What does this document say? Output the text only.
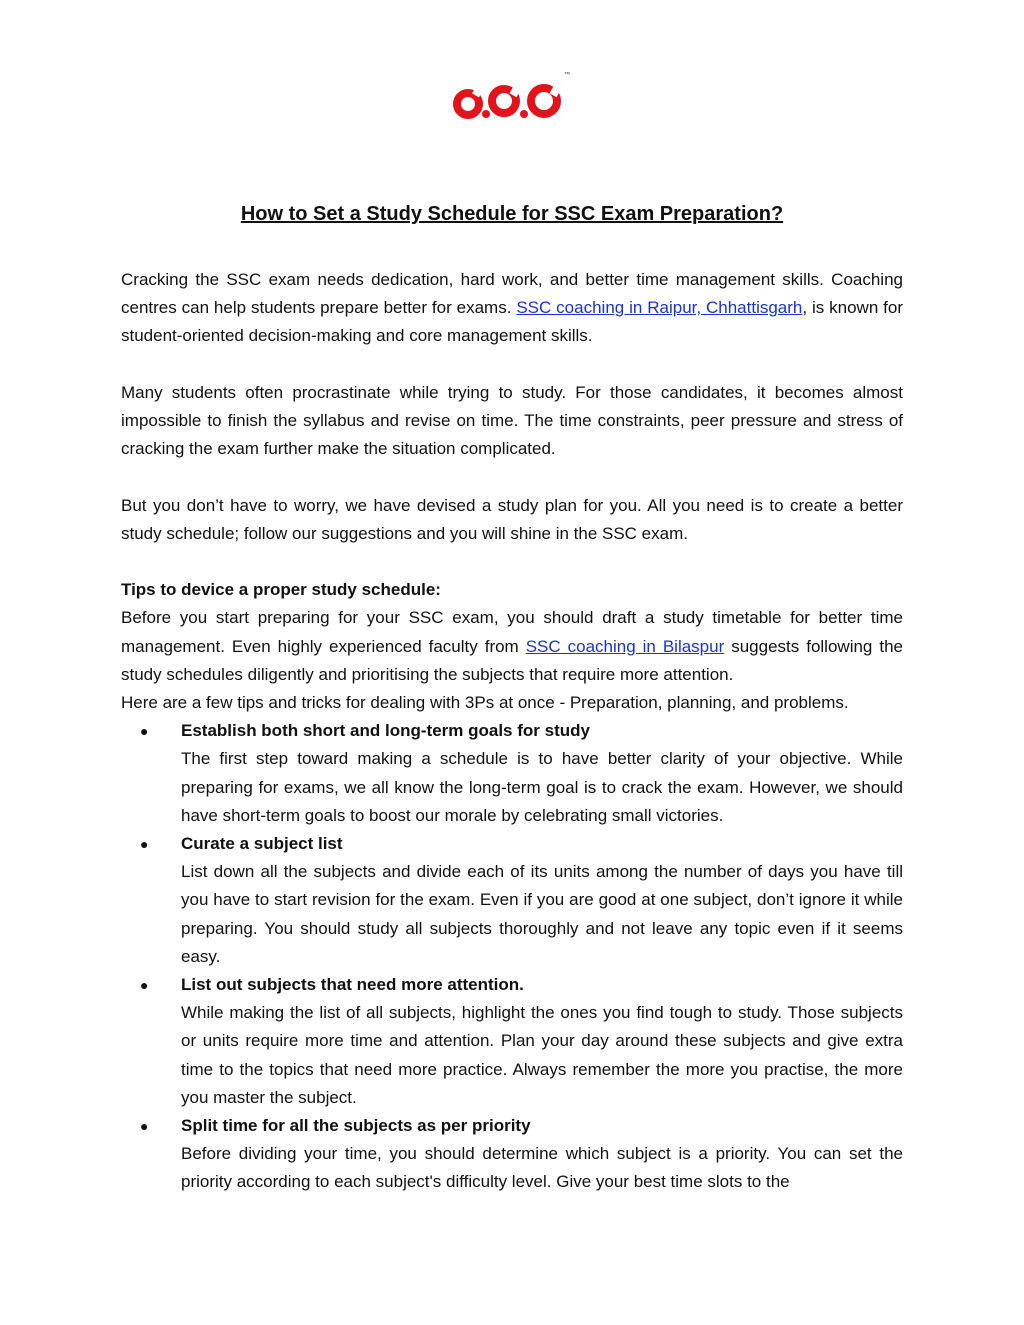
™
How to Set a Study Schedule for SSC Exam Preparation?

Cracking the SSC exam needs dedication, hard work, and better time management skills. Coaching centres can help students prepare better for exams. SSC coaching in Raipur, Chhattisgarh, is known for student-oriented decision-making and core management skills.

Many students often procrastinate while trying to study. For those candidates, it becomes almost impossible to finish the syllabus and revise on time. The time constraints, peer pressure and stress of cracking the exam further make the situation complicated.

But you don’t have to worry, we have devised a study plan for you. All you need is to create a better study schedule; follow our suggestions and you will shine in the SSC exam.

Tips to device a proper study schedule:

Before you start preparing for your SSC exam, you should draft a study timetable for better time management. Even highly experienced faculty from SSC coaching in Bilaspur suggests following the study schedules diligently and prioritising the subjects that require more attention.

Here are a few tips and tricks for dealing with 3Ps at once - Preparation, planning, and problems.

● Establish both short and long-term goals for study
The first step toward making a schedule is to have better clarity of your objective. While preparing for exams, we all know the long-term goal is to crack the exam. However, we should have short-term goals to boost our morale by celebrating small victories.
● Curate a subject list
List down all the subjects and divide each of its units among the number of days you have till you have to start revision for the exam. Even if you are good at one subject, don’t ignore it while preparing. You should study all subjects thoroughly and not leave any topic even if it seems easy.
● List out subjects that need more attention.
While making the list of all subjects, highlight the ones you find tough to study. Those subjects or units require more time and attention. Plan your day around these subjects and give extra time to the topics that need more practice. Always remember the more you practise, the more you master the subject.
● Split time for all the subjects as per priority
Before dividing your time, you should determine which subject is a priority. You can set the priority according to each subject's difficulty level. Give your best time slots to the
